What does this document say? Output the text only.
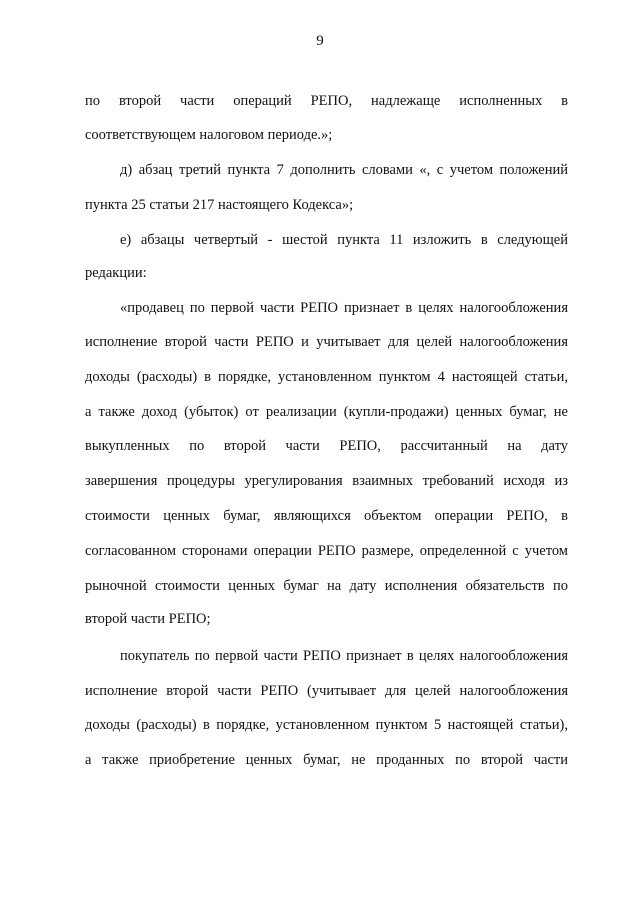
9
по второй части операций РЕПО, надлежаще исполненных в
соответствующем налоговом периоде.»;
д) абзац третий пункта 7 дополнить словами «, с учетом положений
пункта 25 статьи 217 настоящего Кодекса»;
е) абзацы четвертый - шестой пункта 11 изложить в следующей
редакции:
«продавец по первой части РЕПО признает в целях налогообложения
исполнение второй части РЕПО и учитывает для целей налогообложения
доходы (расходы) в порядке, установленном пунктом 4 настоящей статьи,
а также доход (убыток) от реализации (купли-продажи) ценных бумаг, не
выкупленных по второй части РЕПО, рассчитанный на дату
завершения процедуры урегулирования взаимных требований исходя из
стоимости ценных бумаг, являющихся объектом операции РЕПО, в
согласованном сторонами операции РЕПО размере, определенной с учетом
рыночной стоимости ценных бумаг на дату исполнения обязательств по
второй части РЕПО;
покупатель по первой части РЕПО признает в целях налогообложения
исполнение второй части РЕПО (учитывает для целей налогообложения
доходы (расходы) в порядке, установленном пунктом 5 настоящей статьи),
а также приобретение ценных бумаг, не проданных по второй части
